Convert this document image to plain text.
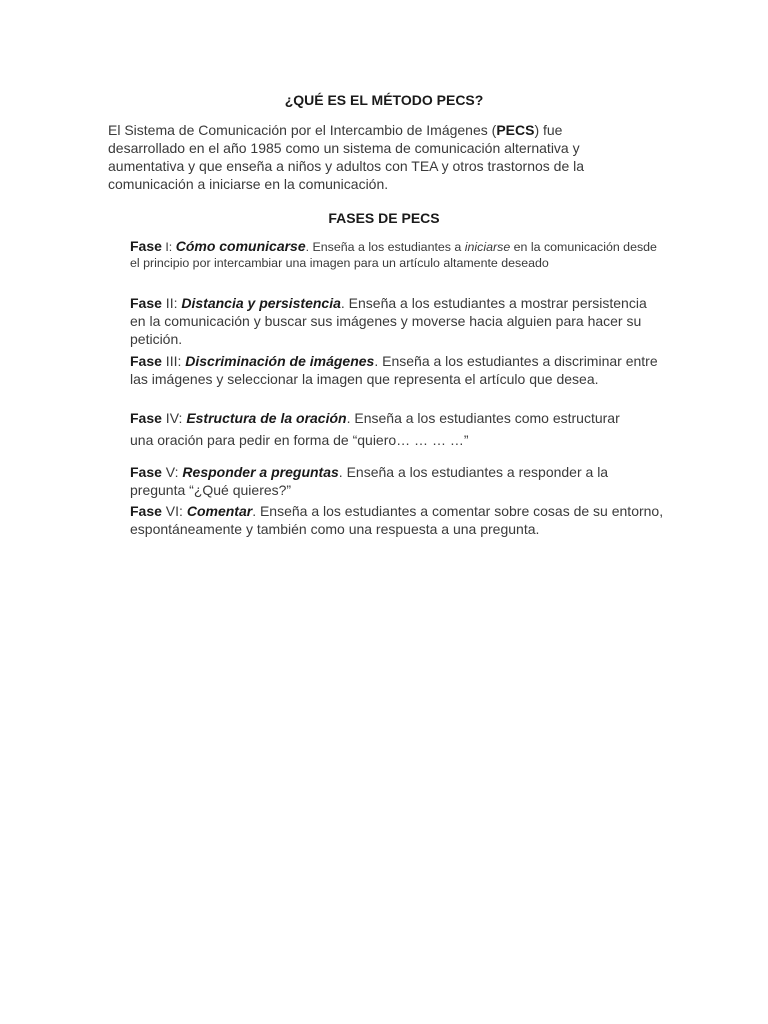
¿QUÉ ES EL MÉTODO PECS?

El Sistema de Comunicación por el Intercambio de Imágenes (PECS) fue desarrollado en el año 1985 como un sistema de comunicación alternativa y aumentativa y que enseña a niños y adultos con TEA y otros trastornos de la comunicación a iniciarse en la comunicación.

FASES DE PECS

Fase I: Cómo comunicarse. Enseña a los estudiantes a iniciarse en la comunicación desde el principio por intercambiar una imagen para un artículo altamente deseado

Fase II: Distancia y persistencia. Enseña a los estudiantes a mostrar persistencia en la comunicación y buscar sus imágenes y moverse hacia alguien para hacer su petición.

Fase III: Discriminación de imágenes. Enseña a los estudiantes a discriminar entre las imágenes y seleccionar la imagen que representa el artículo que desea.

Fase IV: Estructura de la oración. Enseña a los estudiantes como estructurar
una oración para pedir en forma de “quiero… … … …”

Fase V: Responder a preguntas. Enseña a los estudiantes a responder a la pregunta “¿Qué quieres?”

Fase VI: Comentar. Enseña a los estudiantes a comentar sobre cosas de su entorno, espontáneamente y también como una respuesta a una pregunta.
